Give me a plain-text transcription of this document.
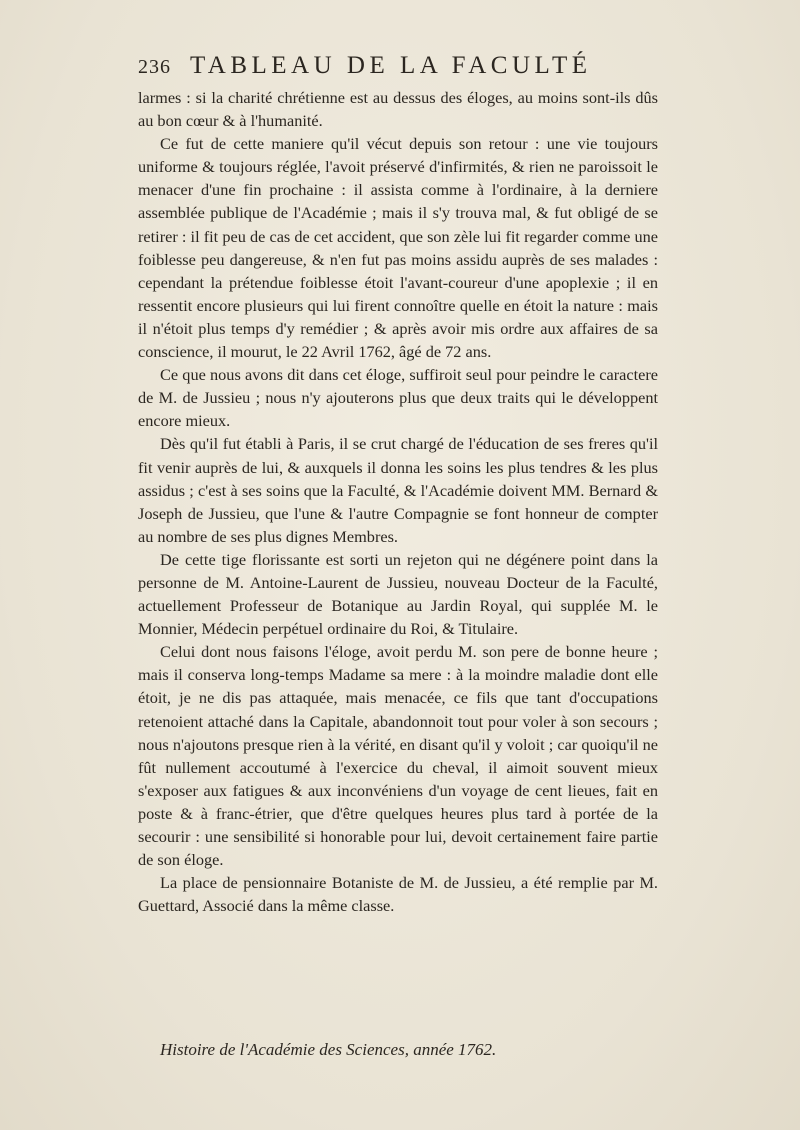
236 TABLEAU DE LA FACULTÉ

larmes : si la charité chrétienne est au dessus des éloges, au moins sont-ils dûs au bon cœur & à l'humanité.

Ce fut de cette maniere qu'il vécut depuis son retour : une vie toujours uniforme & toujours réglée, l'avoit préservé d'infirmités, & rien ne paroissoit le menacer d'une fin prochaine : il assista comme à l'ordinaire, à la derniere assemblée publique de l'Académie ; mais il s'y trouva mal, & fut obligé de se retirer : il fit peu de cas de cet accident, que son zèle lui fit regarder comme une foiblesse peu dangereuse, & n'en fut pas moins assidu auprès de ses malades : cependant la prétendue foiblesse étoit l'avant-coureur d'une apoplexie ; il en ressentit encore plusieurs qui lui firent connoître quelle en étoit la nature : mais il n'étoit plus temps d'y remédier ; & après avoir mis ordre aux affaires de sa conscience, il mourut, le 22 Avril 1762, âgé de 72 ans.

Ce que nous avons dit dans cet éloge, suffiroit seul pour peindre le caractere de M. de Jussieu ; nous n'y ajouterons plus que deux traits qui le développent encore mieux.

Dès qu'il fut établi à Paris, il se crut chargé de l'éducation de ses freres qu'il fit venir auprès de lui, & auxquels il donna les soins les plus tendres & les plus assidus ; c'est à ses soins que la Faculté, & l'Académie doivent MM. Bernard & Joseph de Jussieu, que l'une & l'autre Compagnie se font honneur de compter au nombre de ses plus dignes Membres.

De cette tige florissante est sorti un rejeton qui ne dégénere point dans la personne de M. Antoine-Laurent de Jussieu, nouveau Docteur de la Faculté, actuellement Professeur de Botanique au Jardin Royal, qui supplée M. le Monnier, Médecin perpétuel ordinaire du Roi, & Titulaire.

Celui dont nous faisons l'éloge, avoit perdu M. son pere de bonne heure ; mais il conserva long-temps Madame sa mere : à la moindre maladie dont elle étoit, je ne dis pas attaquée, mais menacée, ce fils que tant d'occupations retenoient attaché dans la Capitale, abandonnoit tout pour voler à son secours ; nous n'ajoutons presque rien à la vérité, en disant qu'il y voloit ; car quoiqu'il ne fût nullement accoutumé à l'exercice du cheval, il aimoit souvent mieux s'exposer aux fatigues & aux inconvéniens d'un voyage de cent lieues, fait en poste & à franc-étrier, que d'être quelques heures plus tard à portée de la secourir : une sensibilité si honorable pour lui, devoit certainement faire partie de son éloge.

La place de pensionnaire Botaniste de M. de Jussieu, a été remplie par M. Guettard, Associé dans la même classe.

Histoire de l'Académie des Sciences, année 1762.
